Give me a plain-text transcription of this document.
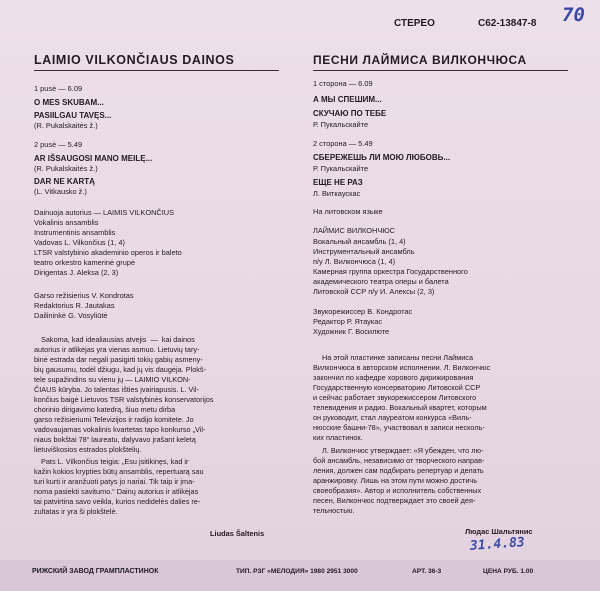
СТЕРЕО	С62-13847-8 70
LAIMIO VILKONČIAUS DAINOS
1 pusė — 6.09
O MES SKUBAM...
PASIILGAU TAVĘS...
(R. Pukalskaitės ž.)
2 pusė — 5.49
AR IŠSAUGOSI MANO MEILĘ...
(R. Pukalskaitės ž.)
DAR NE KARTĄ
(L. Vitkausko ž.)
Dainuoja autorius — LAIMIS VILKONČIUS
Vokalinis ansamblis
Instrumentinis ansamblis
Vadovas L. Vilkončius (1, 4)
LTSR valstybinio akademinio operos ir baleto
teatro orkestro kamerinė grupė
Dirigentas J. Aleksa (2, 3)
Garso režisierius V. Kondrotas
Redaktorius R. Jautakas
Dailininkė G. Vosyliūtė
Sakoma, kad idealiausias atvejis  —  kai dainos
autorius ir atlikėjas yra vienas asmuo. Lietuvių tary-
binė estrada dar negali pasigirti tokių gabių asmeny-
bių gausumu, todėl džiugu, kad jų vis daugėja. Plokš-
tele supažindins su vienu jų — LAIMIO VILKON-
ČIAUS kūryba. Jo talentas išties įvairiapusis. L. Vil-
končius baigė Lietuvos TSR valstybinės konservatorijos
chorinio dirigavimo katedrą, šiuo metu dirba
garso režisieriumi Televizijos ir radijo komitete. Jo
vadovaujamas vokalinis kvartetas tapo konkurso „Vil-
niaus bokštai 78“ laureatu, dalyvavo įrašant keletą
lietuviškosios estrados plokštelių.
Pats L. Vilkončius teigia: „Esu įsitikinęs, kad ir
kažin kokios krypties būtų ansamblis, repertuarą sau
turi kurti ir aranžuoti patys jo nariai. Tik taip ir įma-
noma pasiekti savitumo.“ Dainų autorius ir atlikėjas
tai patvirtina savo veikla, kurios nedidelės dalies re-
zultatas ir yra ši plokštelė.
Liudas Šaltenis
ПЕСНИ ЛАЙМИСА ВИЛКОНЧЮСА
1 сторона — 6.09
А МЫ СПЕШИМ...
СКУЧАЮ ПО ТЕБЕ
Р. Пукальскайте
2 сторона — 5.49
СБЕРЕЖЕШЬ ЛИ МОЮ ЛЮБОВЬ...
ЕЩЕ НЕ РАЗ
Р. Пукальскайте
Л. Виткаускас
На литовском языке
ЛАЙМИС ВИЛКОНЧЮС
Вокальный ансамбль (1, 4)
Инструментальный ансамбль
п/у Л. Вилкончюса (1, 4)
Камерная группа оркестра Государственного
академического театра оперы и балета
Литовской ССР п/у И. Алексы (2, 3)
Звукорежиссер В. Кондротас
Редактор Р. Ятаукас
Художник Г. Восилюте
На этой пластинке записаны песни Лаймиса
Вилкончюса в авторском исполнении. Л. Вилкончюс
закончил по кафедре хорового дирижирования
Государственную консерваторию Литовской ССР
и сейчас работает звукорежиссером Литовского
телевидения и радио. Вокальный квартет, которым
он руководит, стал лауреатом конкурса «Виль-
нюсские башни-78», участвовал в записи несколь-
ких пластинок.
Л. Вилкончюс утверждает: «Я убежден, что лю-
бой ансамбль, независимо от творческого направ-
ления, должен сам подбирать репертуар и делать
аранжировку. Лишь на этом пути можно достичь
своеобразия». Автор и исполнитель собственных
песен, Вилкончюс подтверждает это своей дея-
тельностью.
Людас Шальтянис
31.4.83
РИЖСКИЙ ЗАВОД ГРАМПЛАСТИНОК	ТИП. РЗГ «МЕЛОДИЯ» 1980 2951 3000	АРТ. 36-3	ЦЕНА РУБ. 1.00
